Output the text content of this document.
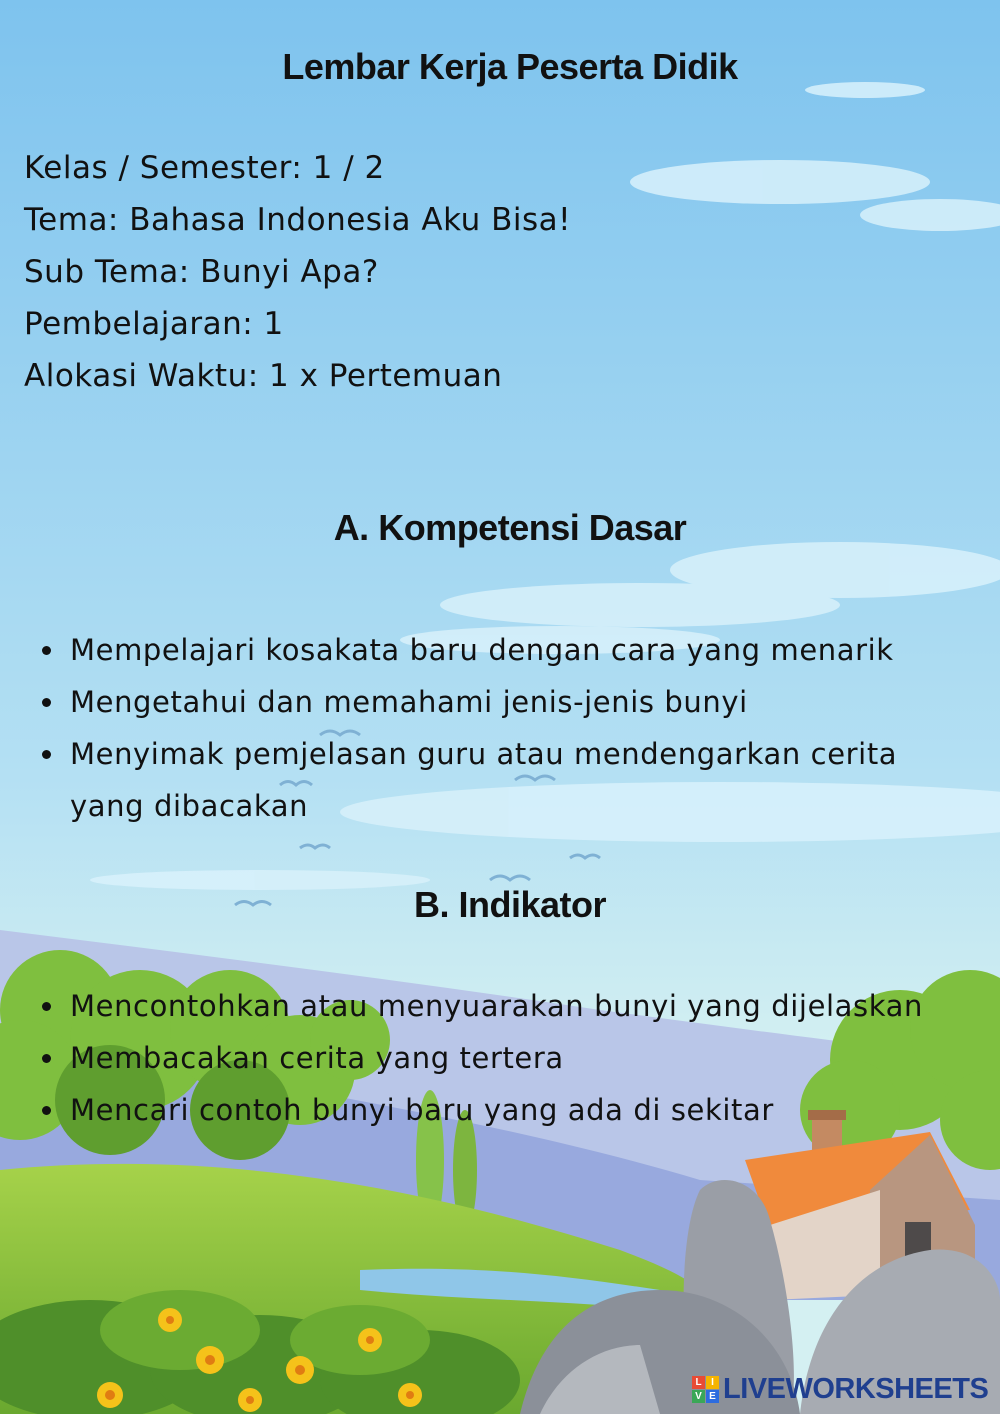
Lembar Kerja Peserta Didik
Kelas / Semester: 1 / 2
Tema: Bahasa Indonesia Aku Bisa!
Sub Tema: Bunyi Apa?
Pembelajaran: 1
Alokasi Waktu: 1 x Pertemuan
A. Kompetensi Dasar
Mempelajari kosakata baru dengan cara yang menarik
Mengetahui dan memahami jenis-jenis bunyi
Menyimak pemjelasan guru atau mendengarkan cerita yang dibacakan
B. Indikator
Mencontohkan atau menyuarakan bunyi yang dijelaskan
Membacakan cerita yang tertera
Mencari contoh bunyi baru yang ada di sekitar
L I
V E LIVEWORKSHEETS
